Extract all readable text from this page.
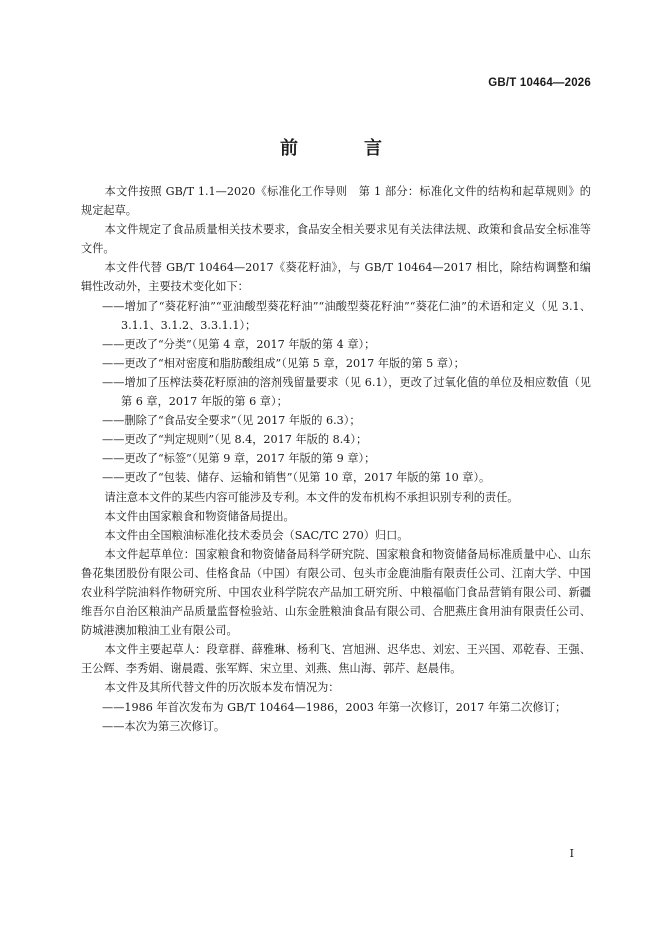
GB/T 10464—2026
前　言

本文件按照 GB/T 1.1—2020《标准化工作导则　第 1 部分：标准化文件的结构和起草规则》的规定起草。

本文件规定了食品质量相关技术要求，食品安全相关要求见有关法律法规、政策和食品安全标准等文件。

本文件代替 GB/T 10464—2017《葵花籽油》，与 GB/T 10464—2017 相比，除结构调整和编辑性改动外，主要技术变化如下：

——增加了“葵花籽油”“亚油酸型葵花籽油”“油酸型葵花籽油”“葵花仁油”的术语和定义（见 3.1、3.1.1、3.1.2、3.3.1.1）；

——更改了“分类”（见第 4 章，2017 年版的第 4 章）；

——更改了“相对密度和脂肪酸组成”（见第 5 章，2017 年版的第 5 章）；

——增加了压榨法葵花籽原油的溶剂残留量要求（见 6.1），更改了过氧化值的单位及相应数值（见第 6 章，2017 年版的第 6 章）；

——删除了“食品安全要求”（见 2017 年版的 6.3）；

——更改了“判定规则”（见 8.4，2017 年版的 8.4）；

——更改了“标签”（见第 9 章，2017 年版的第 9 章）；

——更改了“包装、储存、运输和销售”（见第 10 章，2017 年版的第 10 章）。

请注意本文件的某些内容可能涉及专利。本文件的发布机构不承担识别专利的责任。

本文件由国家粮食和物资储备局提出。

本文件由全国粮油标准化技术委员会（SAC/TC 270）归口。

本文件起草单位：国家粮食和物资储备局科学研究院、国家粮食和物资储备局标准质量中心、山东鲁花集团股份有限公司、佳格食品（中国）有限公司、包头市金鹿油脂有限责任公司、江南大学、中国农业科学院油料作物研究所、中国农业科学院农产品加工研究所、中粮福临门食品营销有限公司、新疆维吾尔自治区粮油产品质量监督检验站、山东金胜粮油食品有限公司、合肥燕庄食用油有限责任公司、防城港澳加粮油工业有限公司。

本文件主要起草人：段章群、薛雅琳、杨利飞、宫旭洲、迟华忠、刘宏、王兴国、邓乾春、王强、王公辉、李秀娟、谢晨霞、张军辉、宋立里、刘燕、焦山海、郭芹、赵晨伟。

本文件及其所代替文件的历次版本发布情况为：

——1986 年首次发布为 GB/T 10464—1986，2003 年第一次修订，2017 年第二次修订；

——本次为第三次修订。

I
